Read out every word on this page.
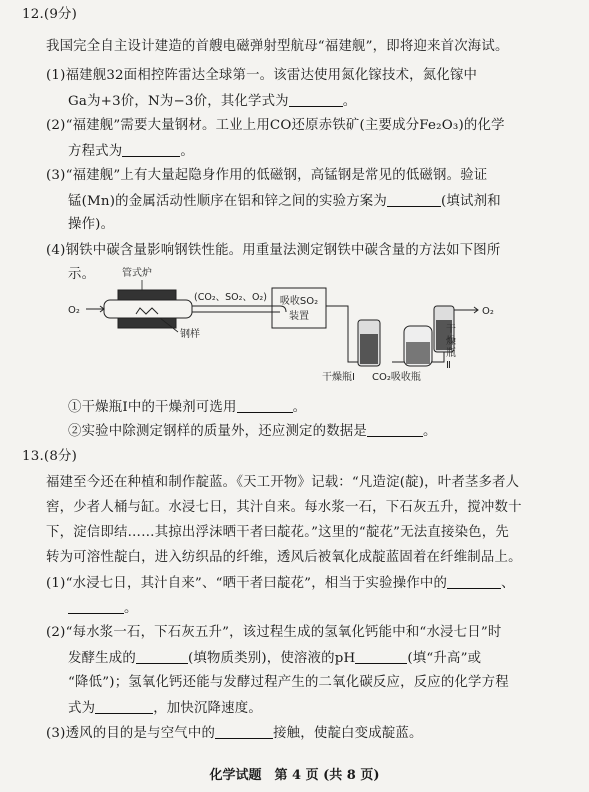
12.(9分)
我国完全自主设计建造的首艘电磁弹射型航母“福建舰”，即将迎来首次海试。
(1)福建舰32面相控阵雷达全球第一。该雷达使用氮化镓技术，氮化镓中
Ga为+3价，N为−3价，其化学式为	。
(2)“福建舰”需要大量钢材。工业上用CO还原赤铁矿(主要成分Fe₂O₃)的化学
方程式为	。
(3)“福建舰”上有大量起隐身作用的低磁钢，高锰钢是常见的低磁钢。验证
锰(Mn)的金属活动性顺序在铝和锌之间的实验方案为	(填试剂和
操作)。
(4)钢铁中碳含量影响钢铁性能。用重量法测定钢铁中碳含量的方法如下图所
示。	管式炉
O₂
钢样
(CO₂、SO₂、O₂) 吸收SO₂
装置	O₂
干
燥
瓶
Ⅱ
干燥瓶Ⅰ CO₂吸收瓶
①干燥瓶Ⅰ中的干燥剂可选用	。
②实验中除测定钢样的质量外，还应测定的数据是	。
13.(8分)
福建至今还在种植和制作靛蓝。《天工开物》记载：“凡造淀(靛)，叶者茎多者人
窖，少者人桶与缸。水浸七日，其汁自来。每水浆一石，下石灰五升，搅冲数十
下，淀信即结……其掠出浮沫晒干者曰靛花。”这里的“靛花”无法直接染色，先
转为可溶性靛白，进入纺织品的纤维，透风后被氧化成靛蓝固着在纤维制品上。
(1)“水浸七日，其汁自来”、“晒干者曰靛花”，相当于实验操作中的	、
。
(2)“每水浆一石，下石灰五升”，该过程生成的氢氧化钙能中和“水浸七日”时
发酵生成的	(填物质类别)，使溶液的pH	(填“升高”或
“降低”)；氢氧化钙还能与发酵过程产生的二氧化碳反应，反应的化学方程
式为	，加快沉降速度。
(3)透风的目的是与空气中的	接触，使靛白变成靛蓝。
化学试题　第 4 页 (共 8 页)
